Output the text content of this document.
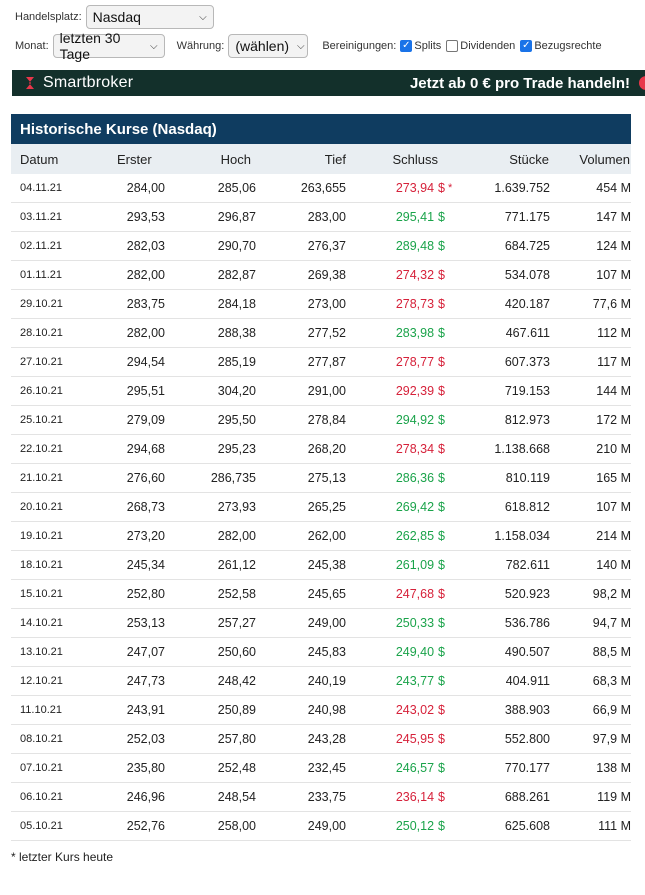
Handelsplatz: Nasdaq	⌵
Monat: letzten 30 Tage	⌵ Währung: (wählen) ⌵ Bereinigungen: ✓ Splits Dividenden ✓ Bezugsrechte
Smartbroker	Jetzt ab 0 € pro Trade handeln!
Historische Kurse (Nasdaq)
Datum	Erster	Hoch	Tief	Schluss	Stücke	Volumen
04.11.21	284,00	285,06	263,655	273,94 $ *	1.639.752	454 M
03.11.21	293,53	296,87	283,00	295,41 $	771.175	147 M
02.11.21	282,03	290,70	276,37	289,48 $	684.725	124 M
01.11.21	282,00	282,87	269,38	274,32 $	534.078	107 M
29.10.21	283,75	284,18	273,00	278,73 $	420.187	77,6 M
28.10.21	282,00	288,38	277,52	283,98 $	467.611	112 M
27.10.21	294,54	285,19	277,87	278,77 $	607.373	117 M
26.10.21	295,51	304,20	291,00	292,39 $	719.153	144 M
25.10.21	279,09	295,50	278,84	294,92 $	812.973	172 M
22.10.21	294,68	295,23	268,20	278,34 $	1.138.668	210 M
21.10.21	276,60	286,735	275,13	286,36 $	810.119	165 M
20.10.21	268,73	273,93	265,25	269,42 $	618.812	107 M
19.10.21	273,20	282,00	262,00	262,85 $	1.158.034	214 M
18.10.21	245,34	261,12	245,38	261,09 $	782.611	140 M
15.10.21	252,80	252,58	245,65	247,68 $	520.923	98,2 M
14.10.21	253,13	257,27	249,00	250,33 $	536.786	94,7 M
13.10.21	247,07	250,60	245,83	249,40 $	490.507	88,5 M
12.10.21	247,73	248,42	240,19	243,77 $	404.911	68,3 M
11.10.21	243,91	250,89	240,98	243,02 $	388.903	66,9 M
08.10.21	252,03	257,80	243,28	245,95 $	552.800	97,9 M
07.10.21	235,80	252,48	232,45	246,57 $	770.177	138 M
06.10.21	246,96	248,54	233,75	236,14 $	688.261	119 M
05.10.21	252,76	258,00	249,00	250,12 $	625.608	111 M
* letzter Kurs heute
